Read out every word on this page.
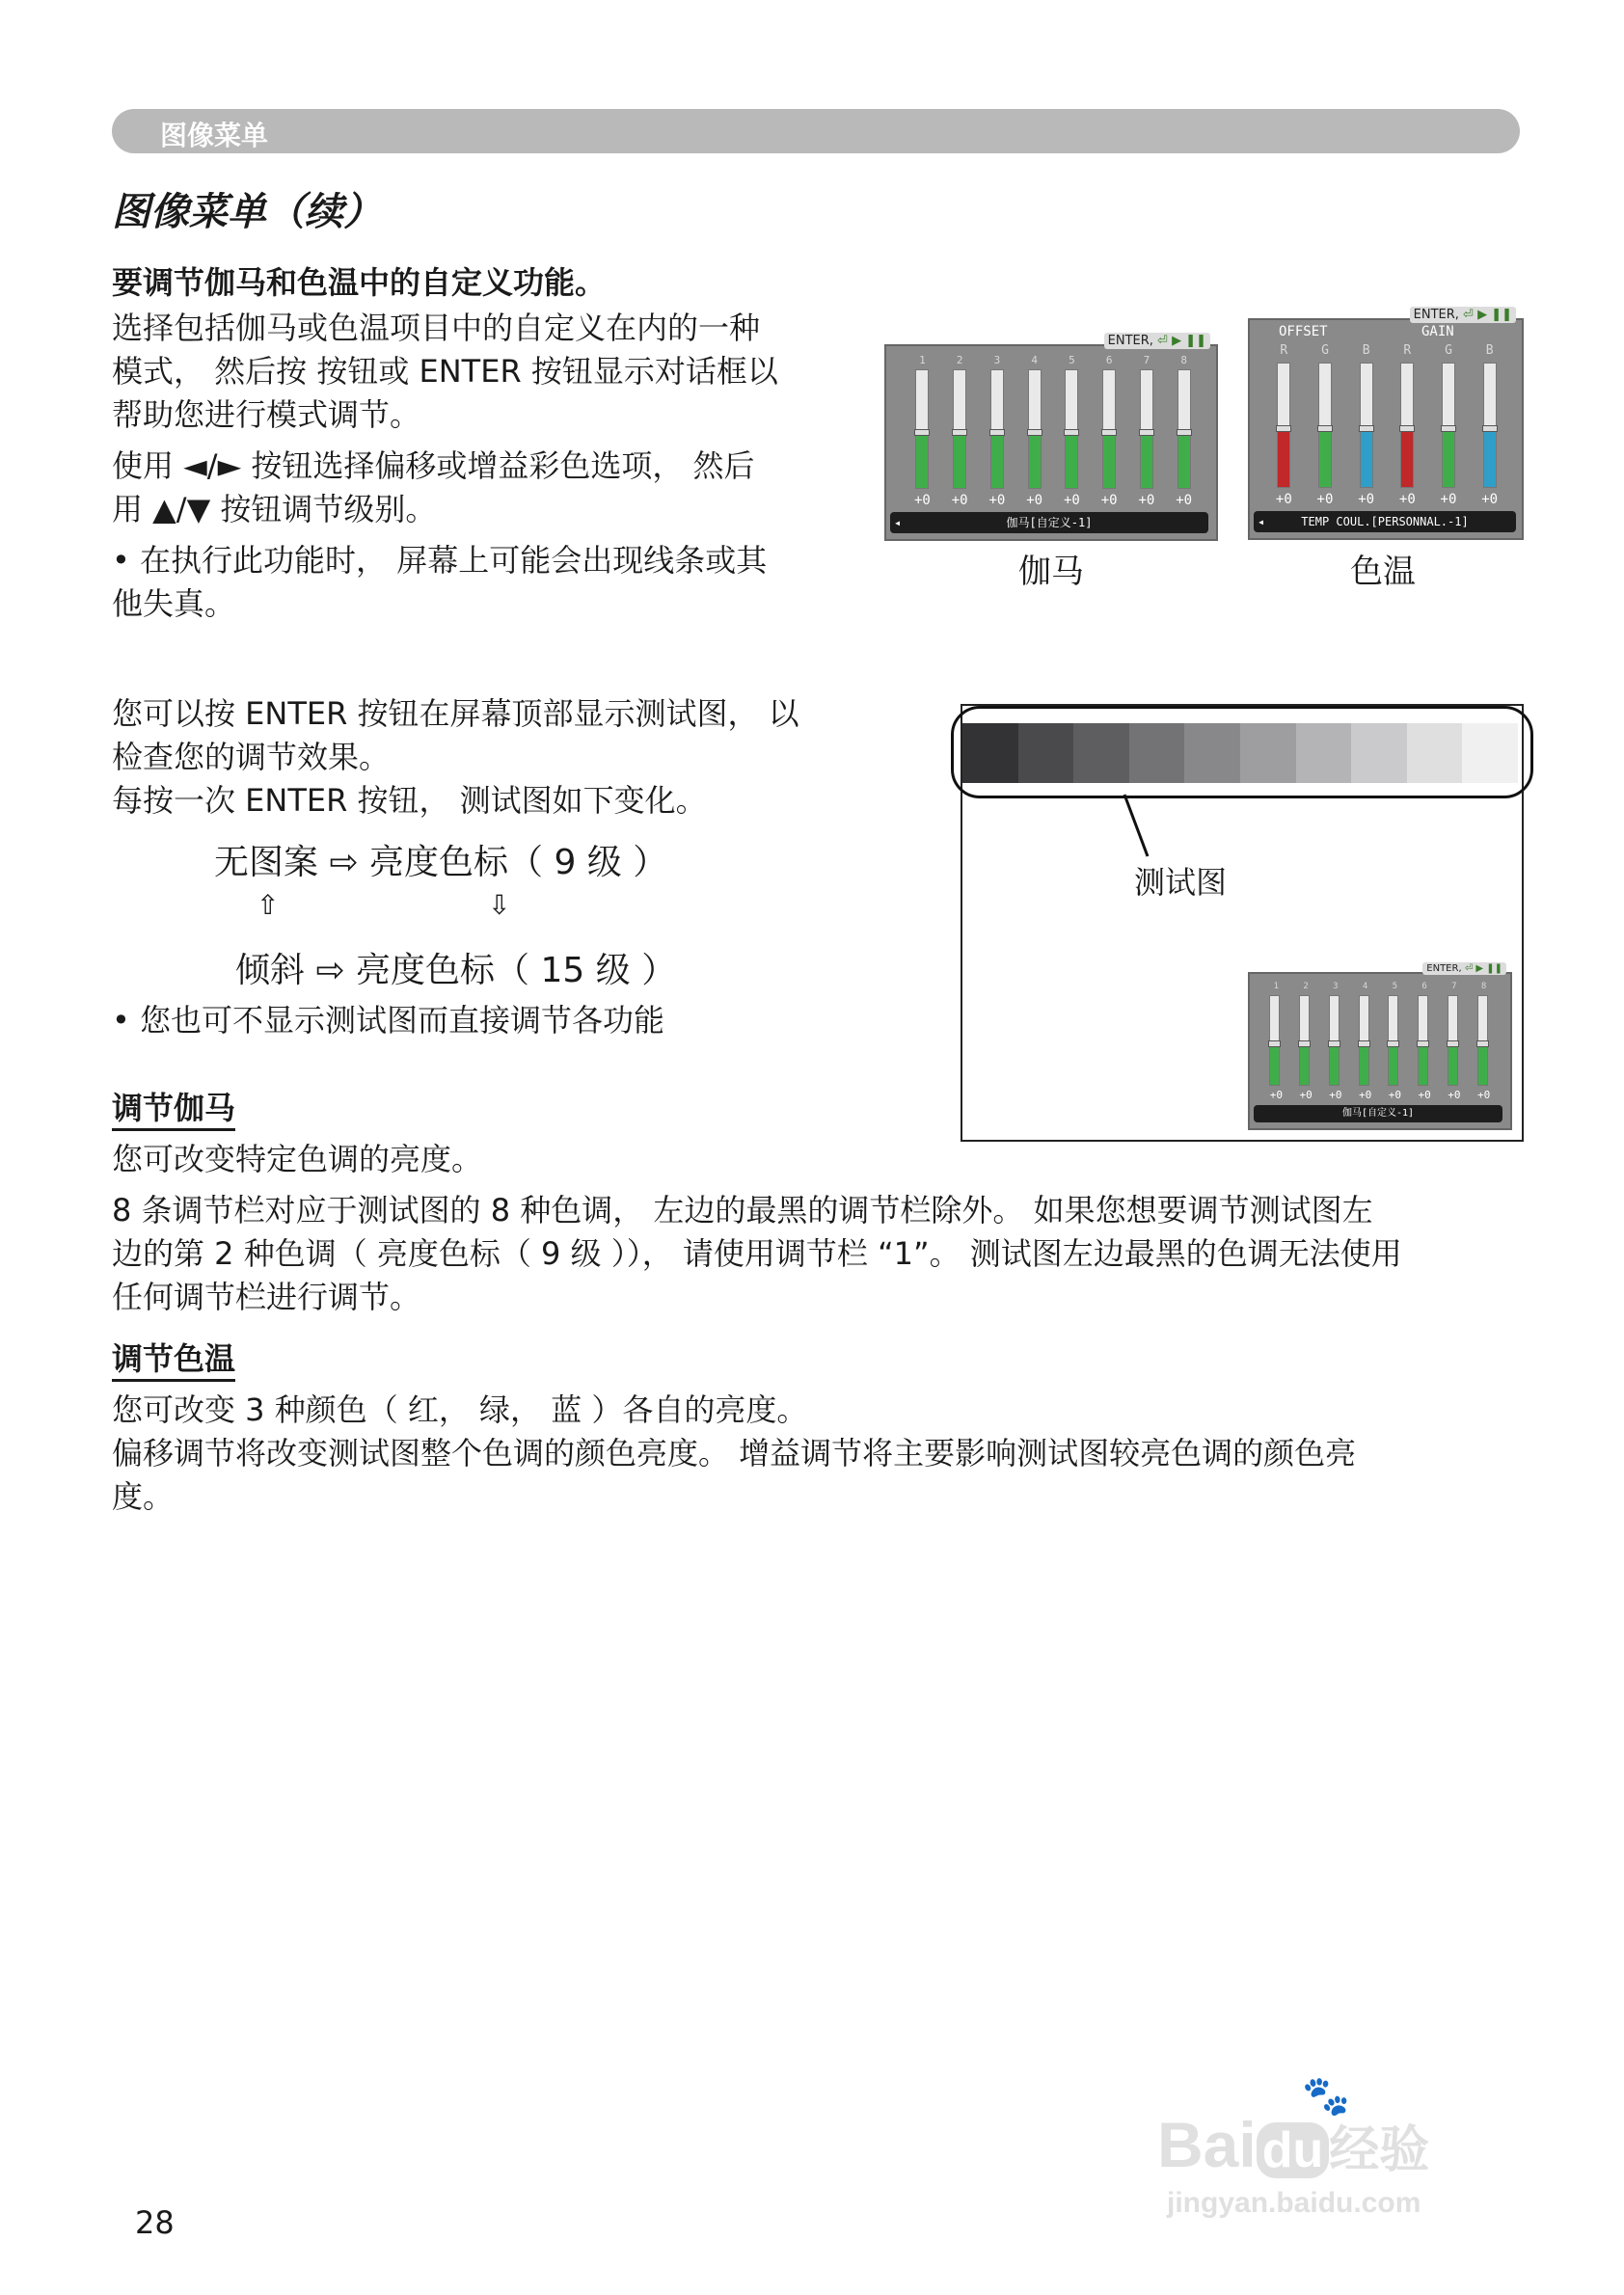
图像菜单
图像菜单（续）
要调节伽马和色温中的自定义功能。
选择包括伽马或色温项目中的自定义在内的一种
模式， 然后按 按钮或 ENTER 按钮显示对话框以
帮助您进行模式调节。
使用 ◄/► 按钮选择偏移或增益彩色选项， 然后
用 ▲/▼ 按钮调节级别。
• 在执行此功能时， 屏幕上可能会出现线条或其
他失真。
ENTER, ⏎ ▶ ❚❚
1
+0
2
+0
3
+0
4
+0
5
+0
6
+0
7
+0
8
+0
◂	伽马[自定义-1]
伽马
ENTER, ⏎ ▶ ❚❚
OFFSET	GAIN
R
+0
G
+0
B
+0
R
+0
G
+0
B
+0
◂	TEMP COUL.[PERSONNAL.-1]
色温
您可以按 ENTER 按钮在屏幕顶部显示测试图， 以
检查您的调节效果。
每按一次 ENTER 按钮， 测试图如下变化。
无图案 ⇨ 亮度色标（ 9 级 ）
⇧	⇩
倾斜 ⇨ 亮度色标（ 15 级 ）
• 您也可不显示测试图而直接调节各功能
测试图
ENTER, ⏎ ▶ ❚❚
1
+0
2
+0
3
+0
4
+0
5
+0
6
+0
7
+0
8
+0
伽马[自定义-1]
调节伽马
您可改变特定色调的亮度。
8 条调节栏对应于测试图的 8 种色调， 左边的最黑的调节栏除外。 如果您想要调节测试图左
边的第 2 种色调（ 亮度色标（ 9 级 ））， 请使用调节栏 “1”。 测试图左边最黑的色调无法使用
任何调节栏进行调节。
调节色温
您可改变 3 种颜色（ 红， 绿， 蓝 ）各自的亮度。
偏移调节将改变测试图整个色调的颜色亮度。 增益调节将主要影响测试图较亮色调的颜色亮
度。
28
🐾
Bai du 经验
jingyan.baidu.com
